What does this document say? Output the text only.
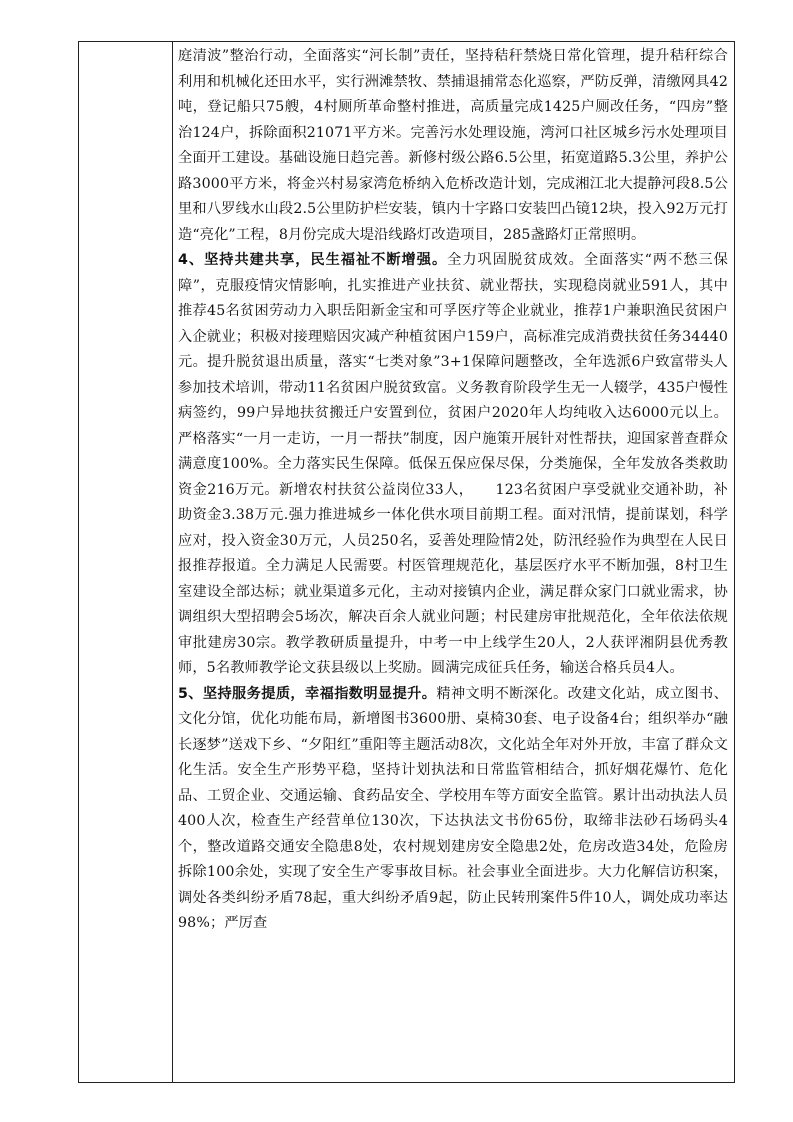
庭清波”整治行动，全面落实“河长制”责任，坚持秸秆禁烧日常化管理，提升秸秆综合利用和机械化还田水平，实行洲滩禁牧、禁捕退捕常态化巡察，严防反弹，清缴网具42吨，登记船只75艘，4村厕所革命整村推进，高质量完成1425户厕改任务，“四房”整治124户，拆除面积21071平方米。完善污水处理设施，湾河口社区城乡污水处理项目全面开工建设。基础设施日趋完善。新修村级公路6.5公里，拓宽道路5.3公里，养护公路3000平方米，将金兴村易家湾危桥纳入危桥改造计划，完成湘江北大提静河段8.5公里和八罗线水山段2.5公里防护栏安装，镇内十字路口安装凹凸镜12块，投入92万元打造“亮化”工程，8月份完成大堤沿线路灯改造项目，285盏路灯正常照明。

4、坚持共建共享，民生福祉不断增强。全力巩固脱贫成效。全面落实“两不愁三保障”，克服疫情灾情影响，扎实推进产业扶贫、就业帮扶，实现稳岗就业591人，其中推荐45名贫困劳动力入职岳阳新金宝和可孚医疗等企业就业，推荐1户兼职渔民贫困户入企就业；积极对接理赔因灾减产种植贫困户159户，高标准完成消费扶贫任务34440元。提升脱贫退出质量，落实“七类对象”3+1保障问题整改，全年选派6户致富带头人参加技术培训，带动11名贫困户脱贫致富。义务教育阶段学生无一人辍学，435户慢性病签约，99户异地扶贫搬迁户安置到位，贫困户2020年人均纯收入达6000元以上。严格落实“一月一走访，一月一帮扶”制度，因户施策开展针对性帮扶，迎国家普查群众满意度100%。全力落实民生保障。低保五保应保尽保，分类施保，全年发放各类救助资金216万元。新增农村扶贫公益岗位33人，　　123名贫困户享受就业交通补助，补助资金3.38万元.强力推进城乡一体化供水项目前期工程。面对汛情，提前谋划，科学应对，投入资金30万元，人员250名，妥善处理险情2处，防汛经验作为典型在人民日报推荐报道。全力满足人民需要。村医管理规范化，基层医疗水平不断加强，8村卫生室建设全部达标；就业渠道多元化，主动对接镇内企业，满足群众家门口就业需求，协调组织大型招聘会5场次，解决百余人就业问题；村民建房审批规范化，全年依法依规审批建房30宗。教学教研质量提升，中考一中上线学生20人，2人获评湘阴县优秀教师，5名教师教学论文获县级以上奖励。圆满完成征兵任务，输送合格兵员4人。

5、坚持服务提质，幸福指数明显提升。精神文明不断深化。改建文化站，成立图书、文化分馆，优化功能布局，新增图书3600册、桌椅30套、电子设备4台；组织举办“融长逐梦”送戏下乡、“夕阳红”重阳等主题活动8次，文化站全年对外开放，丰富了群众文化生活。安全生产形势平稳，坚持计划执法和日常监管相结合，抓好烟花爆竹、危化品、工贸企业、交通运输、食药品安全、学校用车等方面安全监管。累计出动执法人员400人次，检查生产经营单位130次，下达执法文书份65份，取缔非法砂石场码头4个，整改道路交通安全隐患8处，农村规划建房安全隐患2处，危房改造34处，危险房拆除100余处，实现了安全生产零事故目标。社会事业全面进步。大力化解信访积案，调处各类纠纷矛盾78起，重大纠纷矛盾9起，防止民转刑案件5件10人，调处成功率达98%；严厉查
